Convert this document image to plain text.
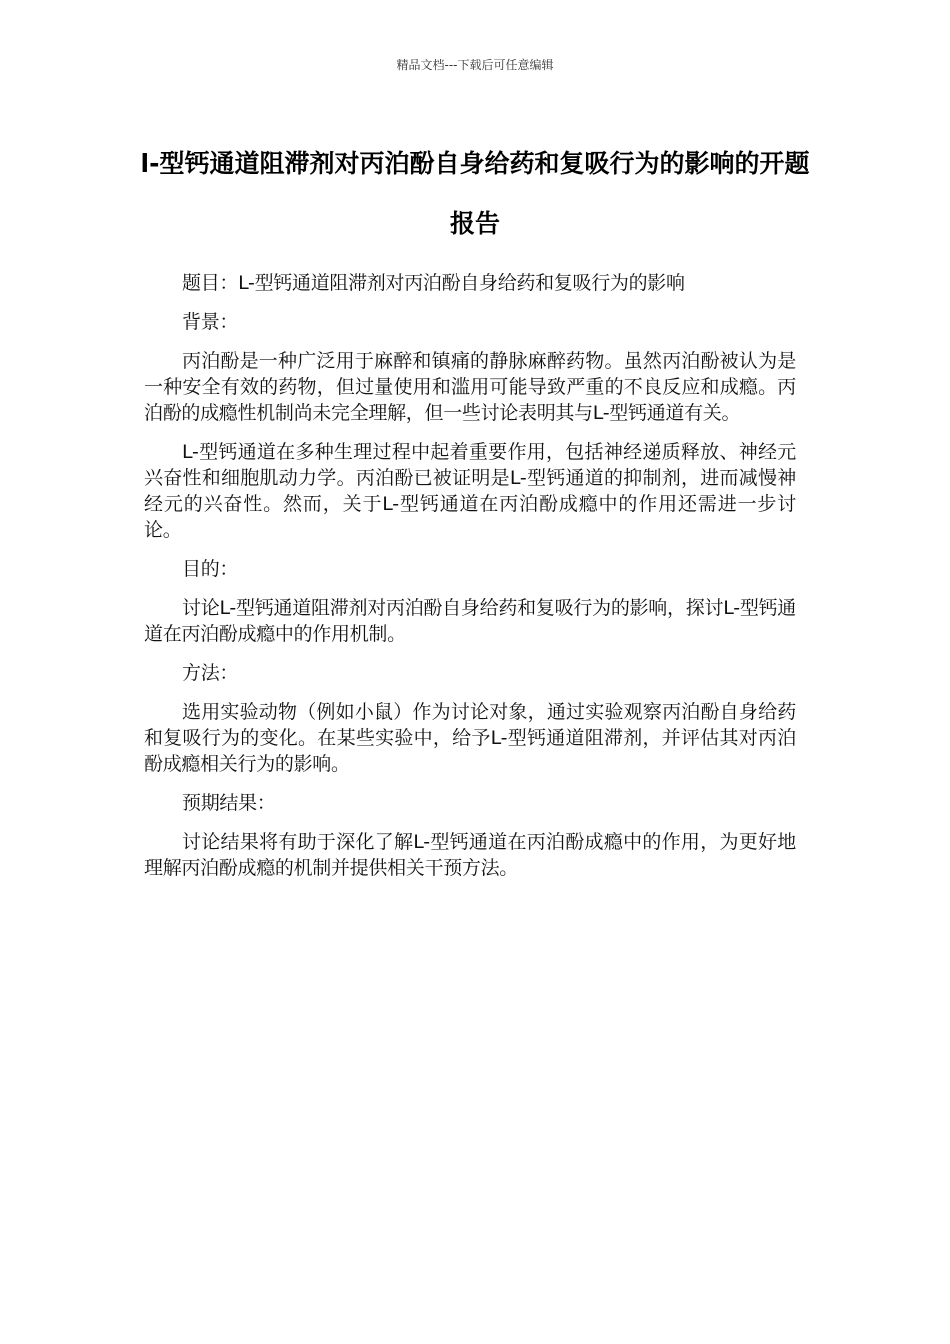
精品文档---下载后可任意编辑
l-型钙通道阻滞剂对丙泊酚自身给药和复吸行为的影响的开题报告

题目：L-型钙通道阻滞剂对丙泊酚自身给药和复吸行为的影响

背景：

丙泊酚是一种广泛用于麻醉和镇痛的静脉麻醉药物。虽然丙泊酚被认为是一种安全有效的药物，但过量使用和滥用可能导致严重的不良反应和成瘾。丙泊酚的成瘾性机制尚未完全理解，但一些讨论表明其与L-型钙通道有关。

L-型钙通道在多种生理过程中起着重要作用，包括神经递质释放、神经元兴奋性和细胞肌动力学。丙泊酚已被证明是L-型钙通道的抑制剂，进而减慢神经元的兴奋性。然而，关于L-型钙通道在丙泊酚成瘾中的作用还需进一步讨论。

目的：

讨论L-型钙通道阻滞剂对丙泊酚自身给药和复吸行为的影响，探讨L-型钙通道在丙泊酚成瘾中的作用机制。

方法：

选用实验动物（例如小鼠）作为讨论对象，通过实验观察丙泊酚自身给药和复吸行为的变化。在某些实验中，给予L-型钙通道阻滞剂，并评估其对丙泊酚成瘾相关行为的影响。

预期结果：

讨论结果将有助于深化了解L-型钙通道在丙泊酚成瘾中的作用，为更好地理解丙泊酚成瘾的机制并提供相关干预方法。
